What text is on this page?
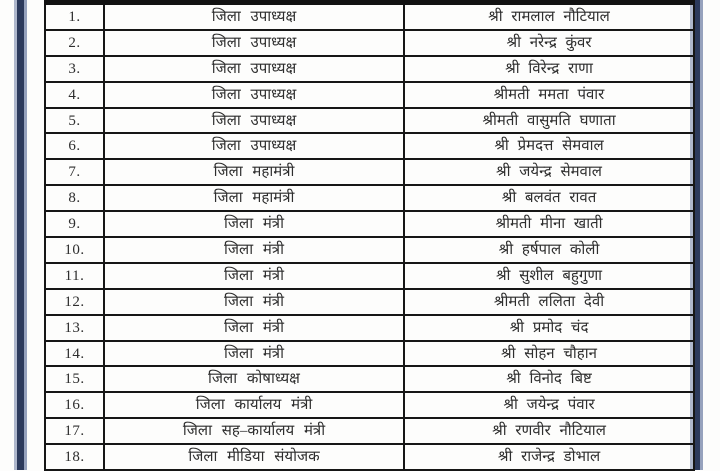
1.	जिला उपाध्यक्ष	श्री रामलाल नौटियाल
2.	जिला उपाध्यक्ष	श्री नरेन्द्र कुंवर
3.	जिला उपाध्यक्ष	श्री विरेन्द्र राणा
4.	जिला उपाध्यक्ष	श्रीमती ममता पंवार
5.	जिला उपाध्यक्ष	श्रीमती वासुमति घणाता
6.	जिला उपाध्यक्ष	श्री प्रेमदत्त सेमवाल
7.	जिला महामंत्री	श्री जयेन्द्र सेमवाल
8.	जिला महामंत्री	श्री बलवंत रावत
9.	जिला मंत्री	श्रीमती मीना खाती
10.	जिला मंत्री	श्री हर्षपाल कोली
11.	जिला मंत्री	श्री सुशील बहुगुणा
12.	जिला मंत्री	श्रीमती ललिता देवी
13.	जिला मंत्री	श्री प्रमोद चंद
14.	जिला मंत्री	श्री सोहन चौहान
15.	जिला कोषाध्यक्ष	श्री विनोद बिष्ट
16.	जिला कार्यालय मंत्री	श्री जयेन्द्र पंवार
17.	जिला सह–कार्यालय मंत्री	श्री रणवीर नौटियाल
18.	जिला मीडिया संयोजक	श्री राजेन्द्र डोभाल
